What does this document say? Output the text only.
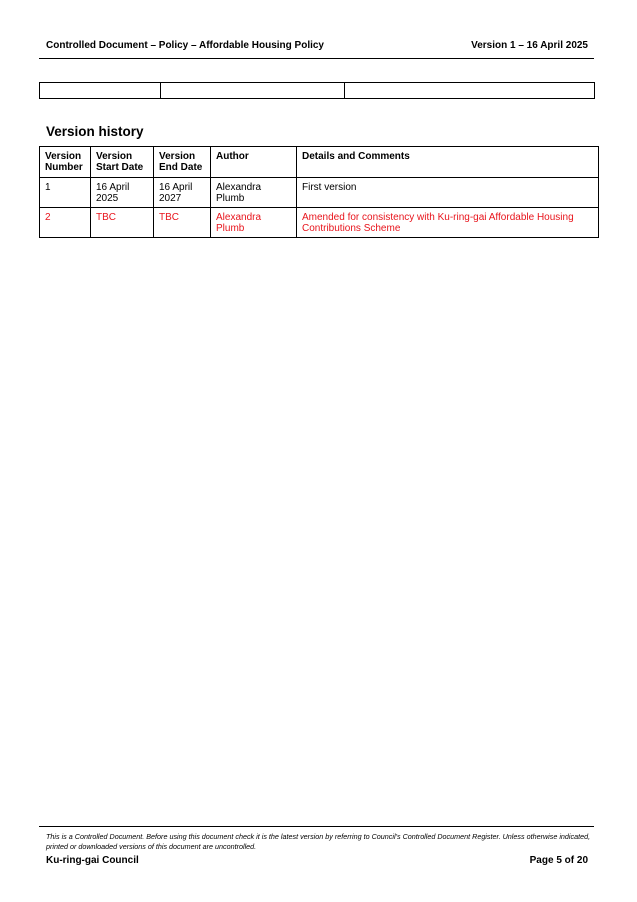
Controlled Document – Policy – Affordable Housing Policy	Version 1 – 16 April 2025

Version history
Version Number	Version Start Date	Version End Date	Author	Details and Comments
1	16 April 2025	16 April 2027	Alexandra Plumb	First version
2	TBC	TBC	Alexandra Plumb	Amended for consistency with Ku-ring-gai Affordable Housing Contributions Scheme

This is a Controlled Document. Before using this document check it is the latest version by referring to Council’s Controlled Document Register. Unless otherwise indicated, printed or downloaded versions of this document are uncontrolled.

Ku-ring-gai Council	Page 5 of 20
